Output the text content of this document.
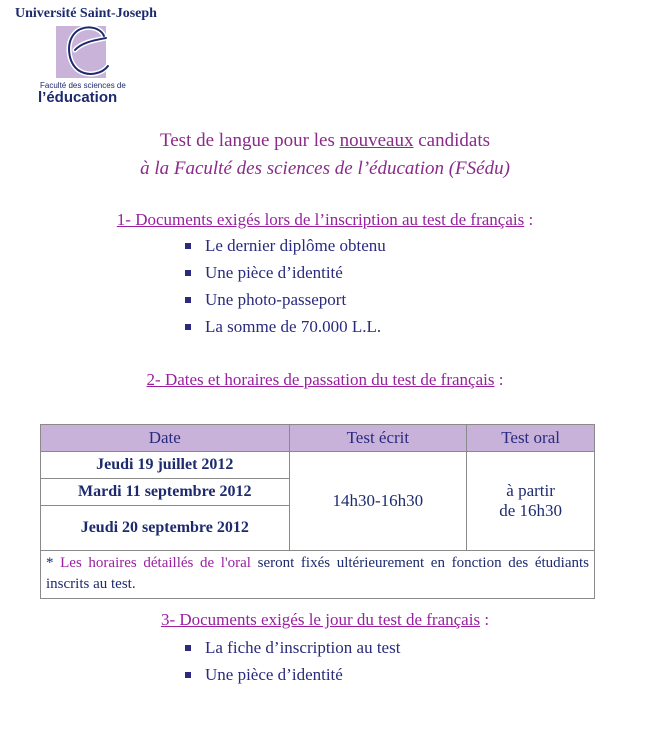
Université Saint-Joseph
Faculté des sciences de
l’éducation
Test de langue pour les nouveaux candidats
à la Faculté des sciences de l’éducation (FSédu)
1- Documents exigés lors de l’inscription au test de français :
Le dernier diplôme obtenu
Une pièce d’identité
Une photo-passeport
La somme de 70.000 L.L.
2- Dates et horaires de passation du test de français :
Date	Test écrit	Test oral
Jeudi 19 juillet 2012	14h30-16h30	à partir
de 16h30
Mardi 11 septembre 2012		
Jeudi 20 septembre 2012		
* Les horaires détaillés de l'oral seront fixés ultérieurement en fonction des étudiants inscrits au test.		
3- Documents exigés le jour du test de français :
La fiche d’inscription au test
Une pièce d’identité
